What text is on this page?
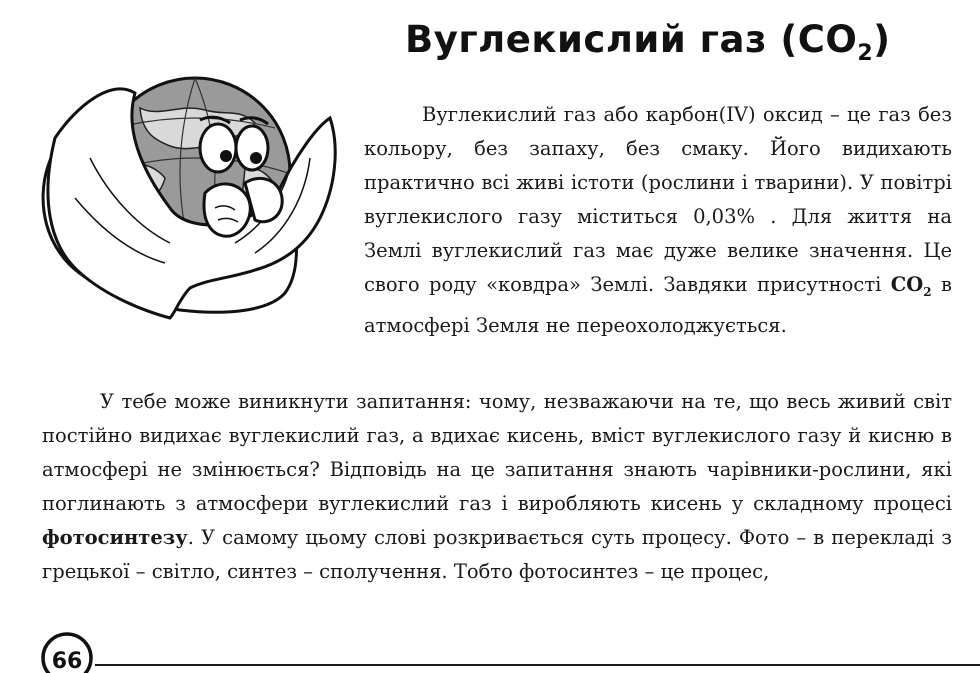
Вуглекислий газ $(CO_2)$

Вуглекислий газ або карбон(IV) оксид – це газ без кольору, без запаху, без смаку. Його видихають практично всі живі істоти (рослини і тварини). У повітрі вуглекислого газу міститься 0,03% . Для життя на Землі вуглекислий газ має дуже велике значення. Це свого роду «ковдра» Землі. Завдяки присутності $CO_2$ в атмосфері Земля не переохолоджується.

У тебе може виникнути запитання: чому, незважаючи на те, що весь живий світ постійно видихає вуглекислий газ, а вдихає кисень, вміст вуглекислого газу й кисню в атмосфері не змінюється? Відповідь на це запитання знають чарівники-рослини, які поглинають з атмосфери вуглекислий газ і виробляють кисень у складному процесі фотосинтезу. У самому цьому слові розкривається суть процесу. Фото – в перекладі з грецької – світло, синтез – сполучення. Тобто фотосинтез – це процес,

66
